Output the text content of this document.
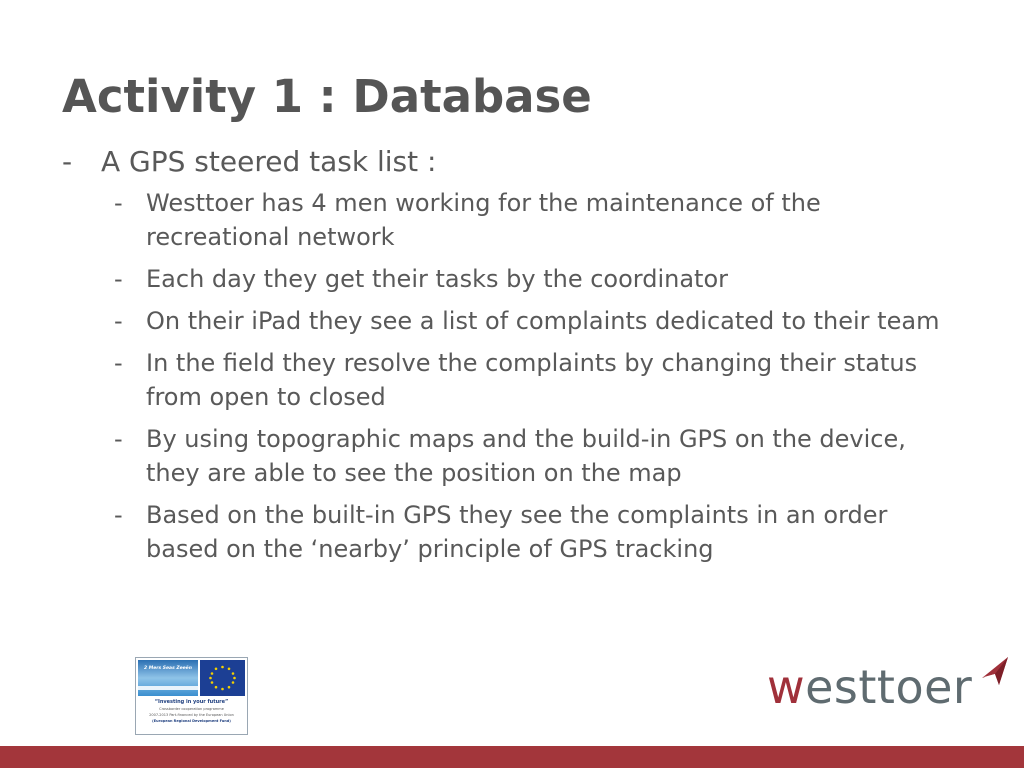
Activity 1 : Database
- A GPS steered task list :
- Westtoer has 4 men working for the maintenance of the recreational network
- Each day they get their tasks by the coordinator
- On their iPad they see a list of complaints dedicated to their team
- In the field they resolve the complaints by changing their status from open to closed
- By using topographic maps and the build-in GPS on the device, they are able to see the position on the map
- Based on the built-in GPS they see the complaints in an order based on the ‘nearby’ principle of GPS tracking
2 Mers Seas Zeeën
“Investing in your future”
Crossborder cooperation programme
2007-2013 Part-financed by the European Union
(European Regional Development Fund)
westtoer
